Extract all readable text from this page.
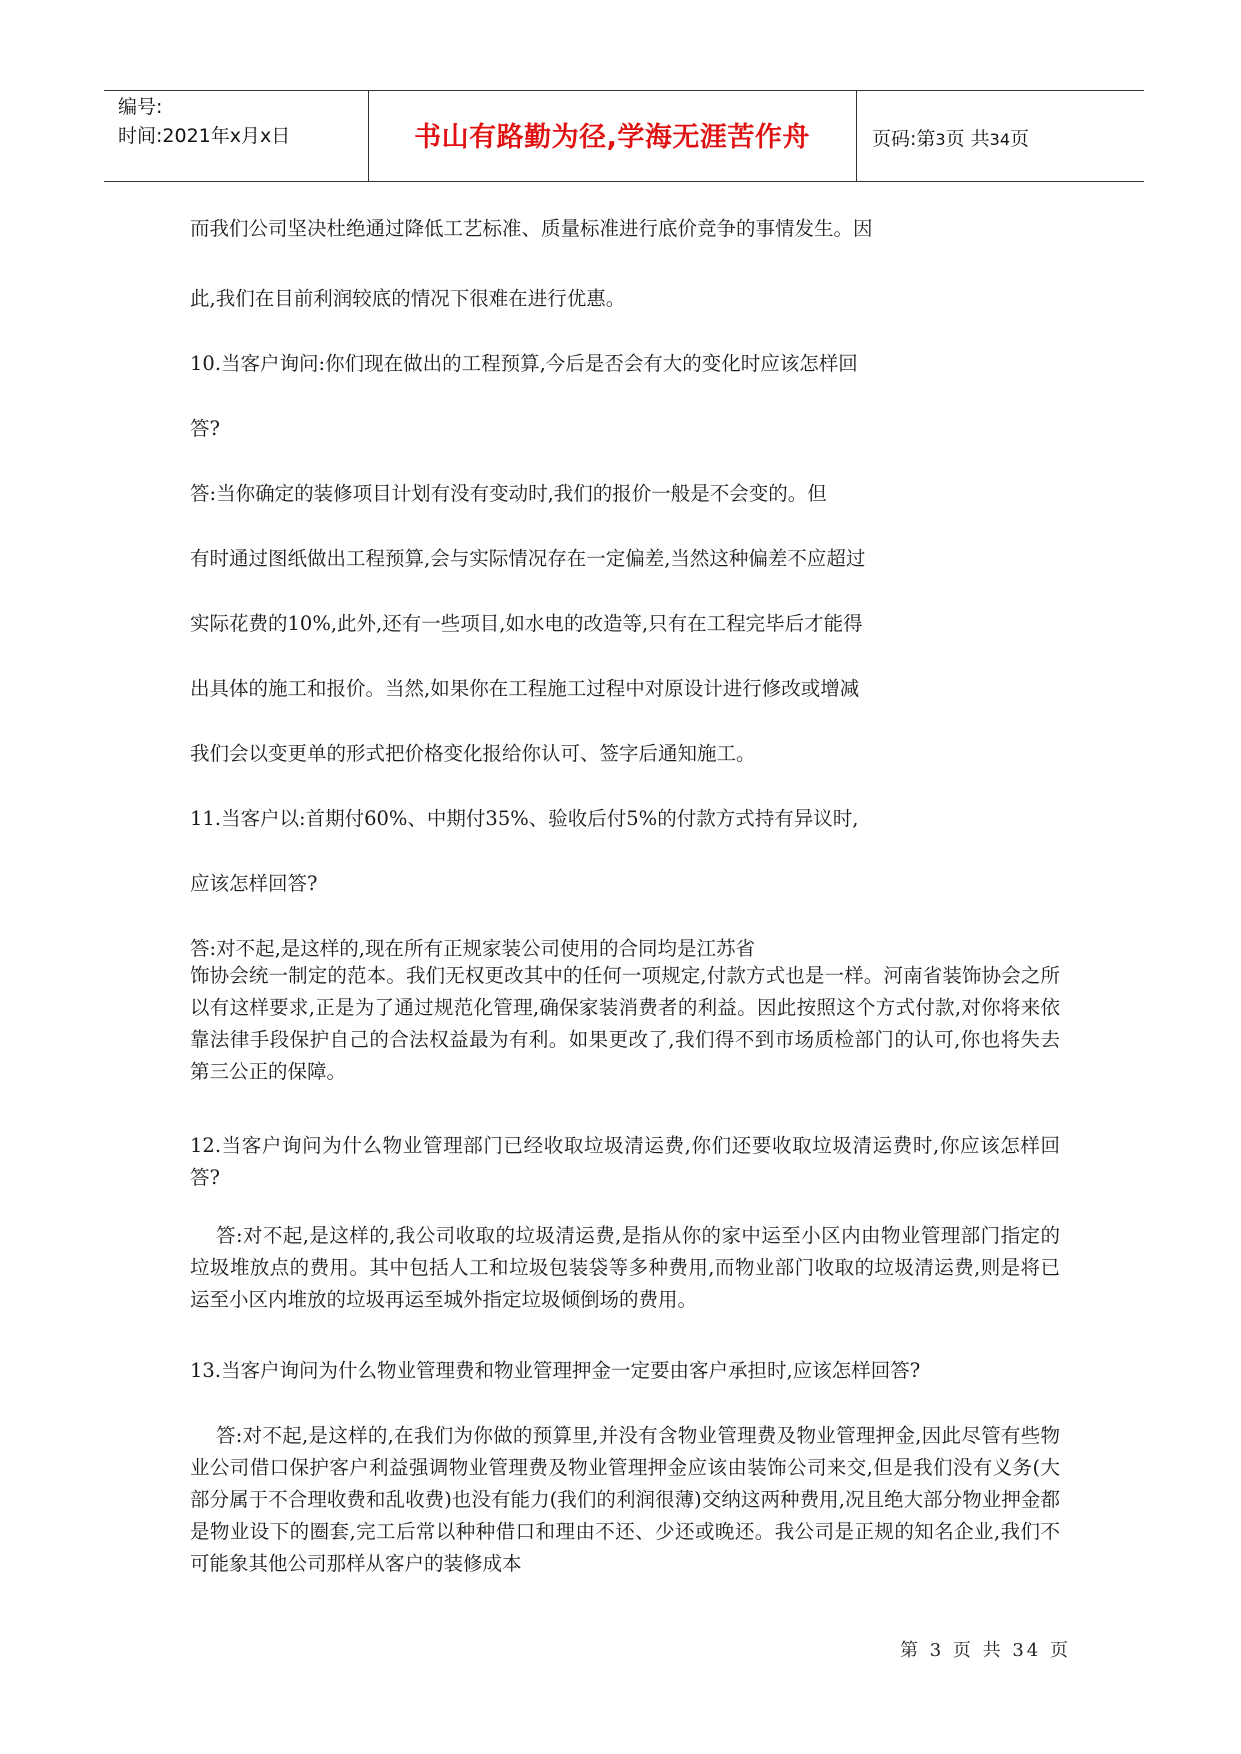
编号:
时间:2021年x月x日	书山有路勤为径,学海无涯苦作舟	页码:第3页 共34页
而我们公司坚决杜绝通过降低工艺标准、质量标准进行底价竞争的事情发生。因
此,我们在目前利润较底的情况下很难在进行优惠。
10.当客户询问:你们现在做出的工程预算,今后是否会有大的变化时应该怎样回
答?
答:当你确定的装修项目计划有没有变动时,我们的报价一般是不会变的。但
有时通过图纸做出工程预算,会与实际情况存在一定偏差,当然这种偏差不应超过
实际花费的10%,此外,还有一些项目,如水电的改造等,只有在工程完毕后才能得
出具体的施工和报价。当然,如果你在工程施工过程中对原设计进行修改或增减
我们会以变更单的形式把价格变化报给你认可、签字后通知施工。
11.当客户以:首期付60%、中期付35%、验收后付5%的付款方式持有异议时,
应该怎样回答?
答:对不起,是这样的,现在所有正规家装公司使用的合同均是江苏省
饰协会统一制定的范本。我们无权更改其中的任何一项规定,付款方式也是一样。河南省装饰协会之所以有这样要求,正是为了通过规范化管理,确保家装消费者的利益。因此按照这个方式付款,对你将来依靠法律手段保护自己的合法权益最为有利。如果更改了,我们得不到市场质检部门的认可,你也将失去第三公正的保障。
12.当客户询问为什么物业管理部门已经收取垃圾清运费,你们还要收取垃圾清运费时,你应该怎样回答?
答:对不起,是这样的,我公司收取的垃圾清运费,是指从你的家中运至小区内由物业管理部门指定的垃圾堆放点的费用。其中包括人工和垃圾包装袋等多种费用,而物业部门收取的垃圾清运费,则是将已运至小区内堆放的垃圾再运至城外指定垃圾倾倒场的费用。
13.当客户询问为什么物业管理费和物业管理押金一定要由客户承担时,应该怎样回答?
答:对不起,是这样的,在我们为你做的预算里,并没有含物业管理费及物业管理押金,因此尽管有些物业公司借口保护客户利益强调物业管理费及物业管理押金应该由装饰公司来交,但是我们没有义务(大部分属于不合理收费和乱收费)也没有能力(我们的利润很薄)交纳这两种费用,况且绝大部分物业押金都是物业设下的圈套,完工后常以种种借口和理由不还、少还或晚还。我公司是正规的知名企业,我们不可能象其他公司那样从客户的装修成本
第 3 页 共 34 页
